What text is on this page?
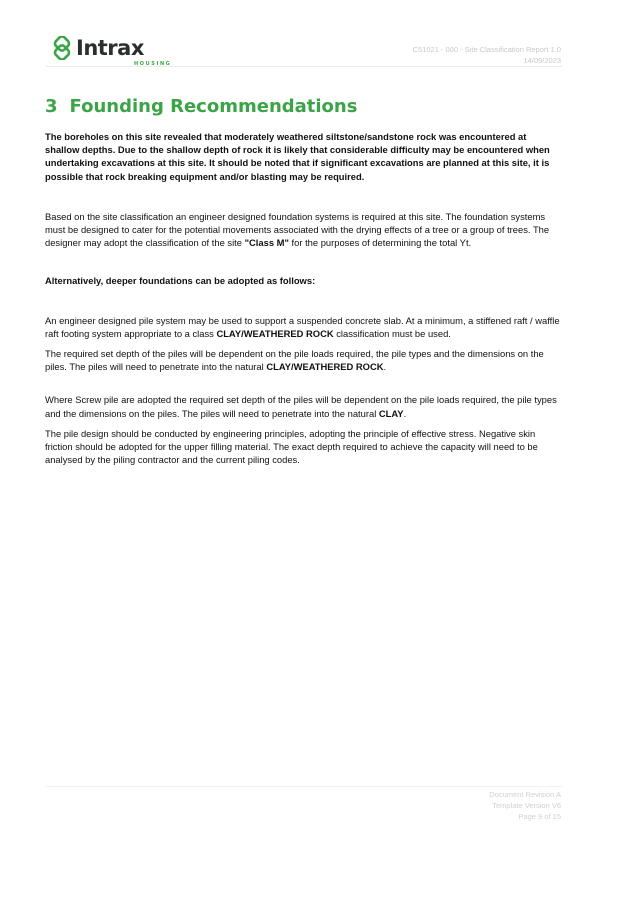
Intrax
HOUSING
C51021 - 000 - Site Classification Report 1.0
14/09/2023
3 Founding Recommendations

The boreholes on this site revealed that moderately weathered siltstone/sandstone rock was encountered at shallow depths. Due to the shallow depth of rock it is likely that considerable difficulty may be encountered when undertaking excavations at this site. It should be noted that if significant excavations are planned at this site, it is possible that rock breaking equipment and/or blasting may be required.

Based on the site classification an engineer designed foundation systems is required at this site. The foundation systems must be designed to cater for the potential movements associated with the drying effects of a tree or a group of trees. The designer may adopt the classification of the site "Class M" for the purposes of determining the total Yt.

Alternatively, deeper foundations can be adopted as follows:

An engineer designed pile system may be used to support a suspended concrete slab. At a minimum, a stiffened raft / waffle raft footing system appropriate to a class CLAY/WEATHERED ROCK classification must be used.

The required set depth of the piles will be dependent on the pile loads required, the pile types and the dimensions on the piles. The piles will need to penetrate into the natural CLAY/WEATHERED ROCK.

Where Screw pile are adopted the required set depth of the piles will be dependent on the pile loads required, the pile types and the dimensions on the piles. The piles will need to penetrate into the natural CLAY.

The pile design should be conducted by engineering principles, adopting the principle of effective stress. Negative skin friction should be adopted for the upper filling material. The exact depth required to achieve the capacity will need to be analysed by the piling contractor and the current piling codes.

Document Revision A
Template Version V6
Page 9 of 15
